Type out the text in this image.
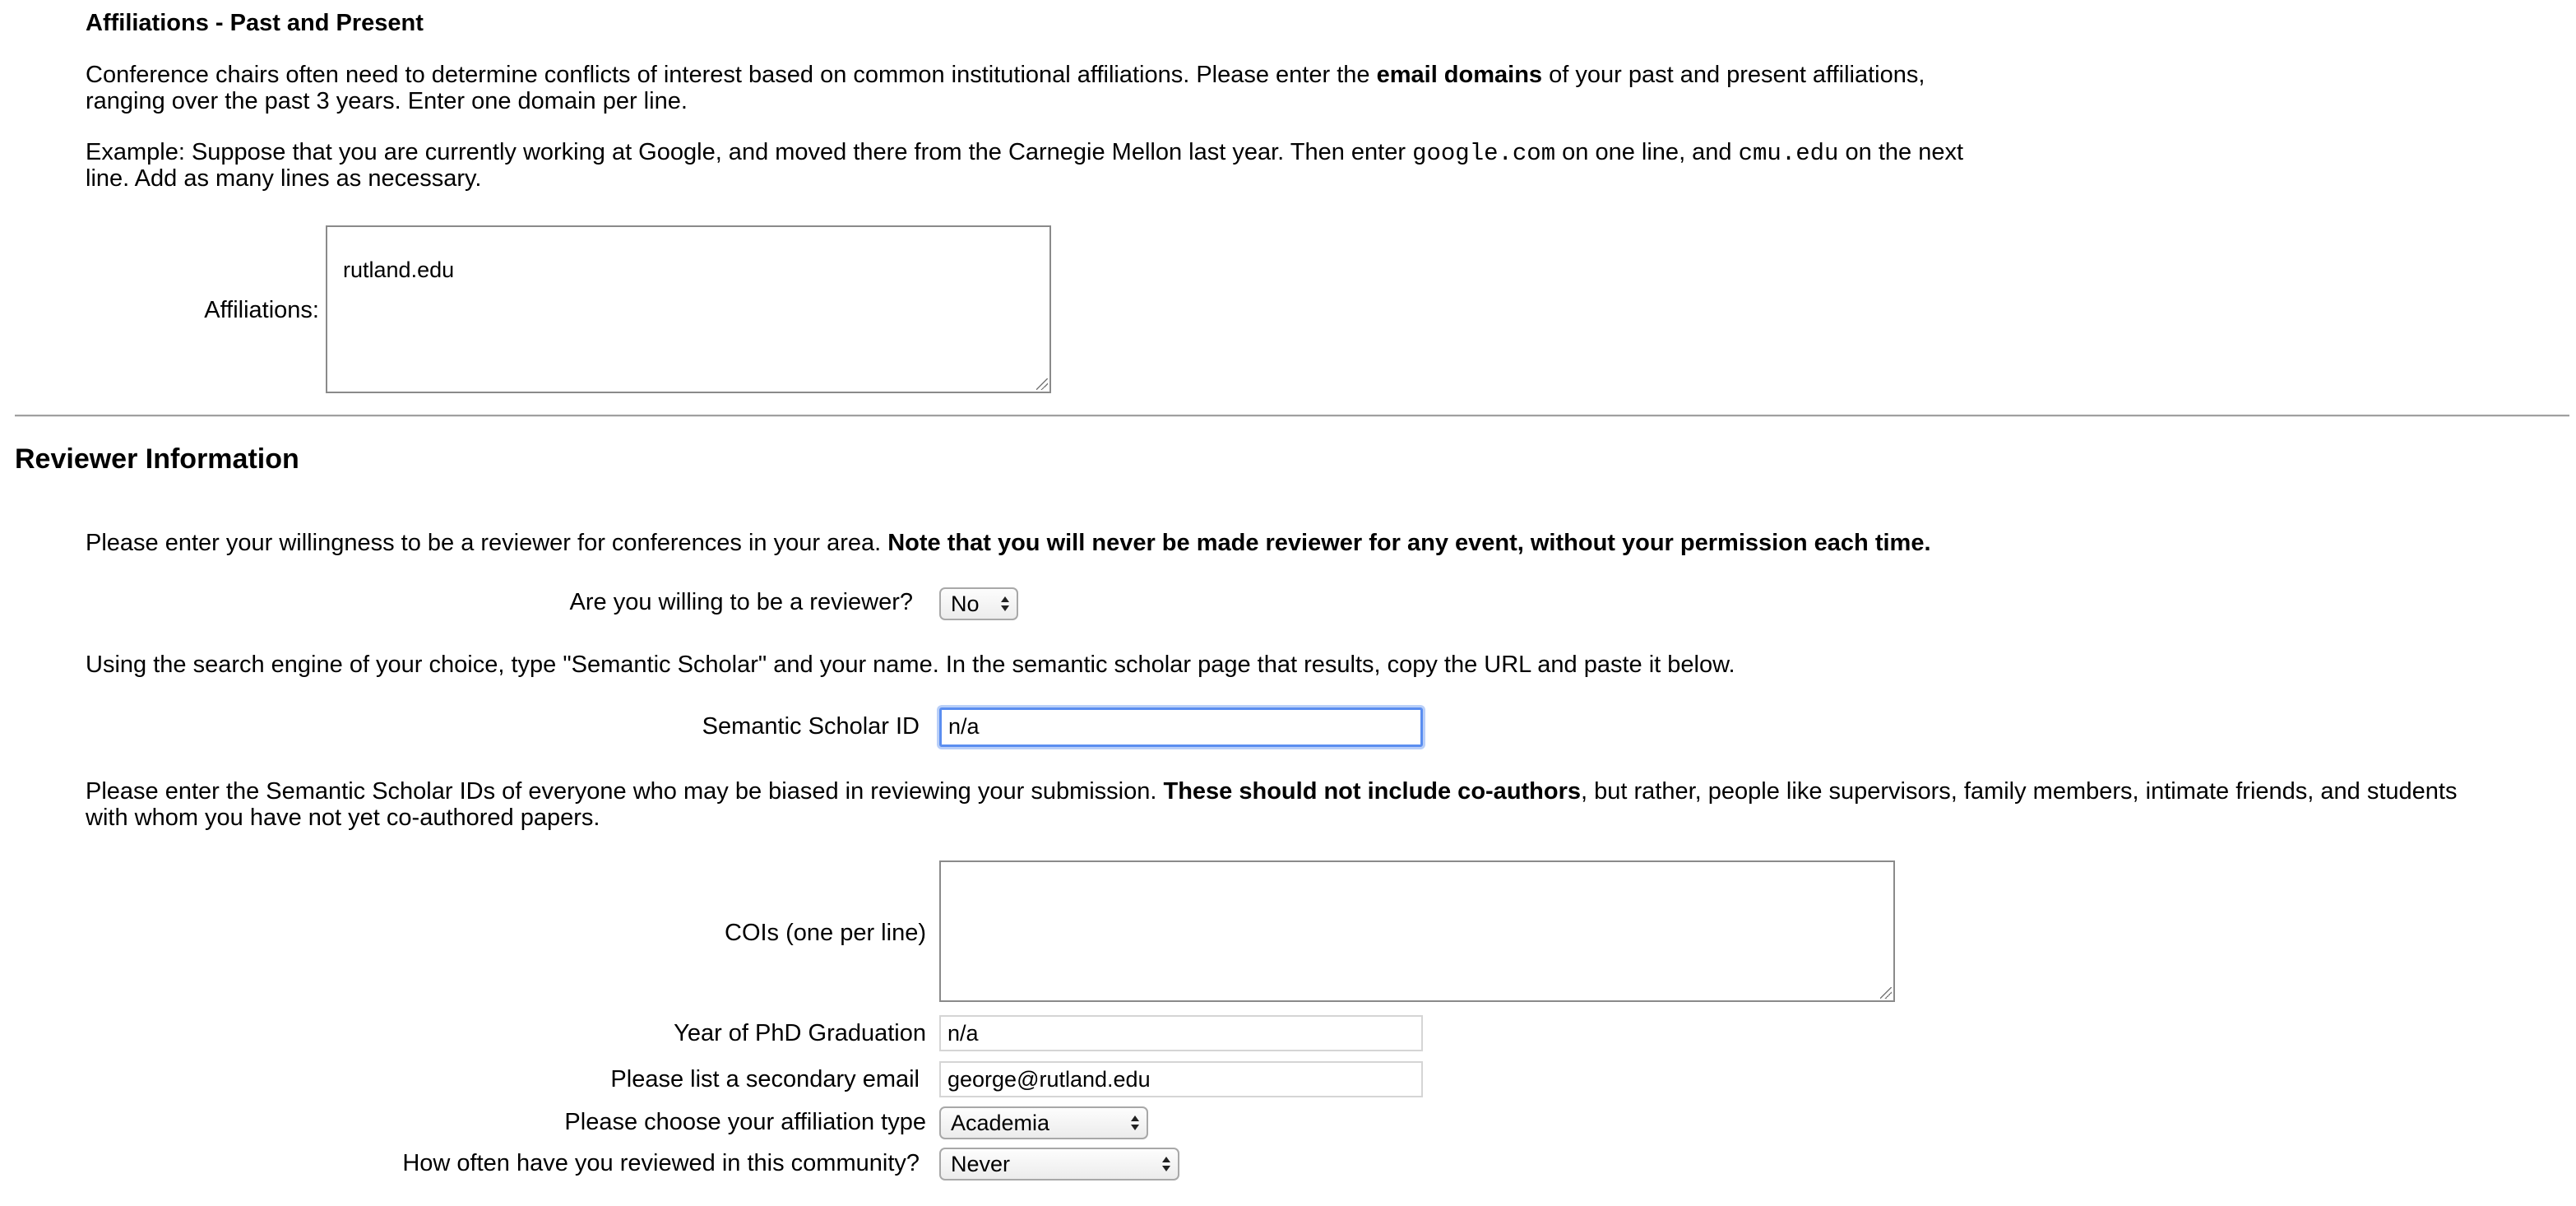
Affiliations - Past and Present
Conference chairs often need to determine conflicts of interest based on common institutional affiliations. Please enter the email domains of your past and present affiliations,
ranging over the past 3 years. Enter one domain per line.
Example: Suppose that you are currently working at Google, and moved there from the Carnegie Mellon last year. Then enter google.com on one line, and cmu.edu on the next
line. Add as many lines as necessary.
Affiliations:

rutland.edu

Reviewer Information
Please enter your willingness to be a reviewer for conferences in your area. Note that you will never be made reviewer for any event, without your permission each time.
Are you willing to be a reviewer?	No
Using the search engine of your choice, type "Semantic Scholar" and your name. In the semantic scholar page that results, copy the URL and paste it below.
Semantic Scholar ID	n/a
Please enter the Semantic Scholar IDs of everyone who may be biased in reviewing your submission. These should not include co-authors, but rather, people like supervisors, family members, intimate friends, and students
with whom you have not yet co-authored papers.
COIs (one per line)

Year of PhD Graduation n/a
Please list a secondary email	george@rutland.edu
Please choose your affiliation type	Academia
How often have you reviewed in this community?	Never
